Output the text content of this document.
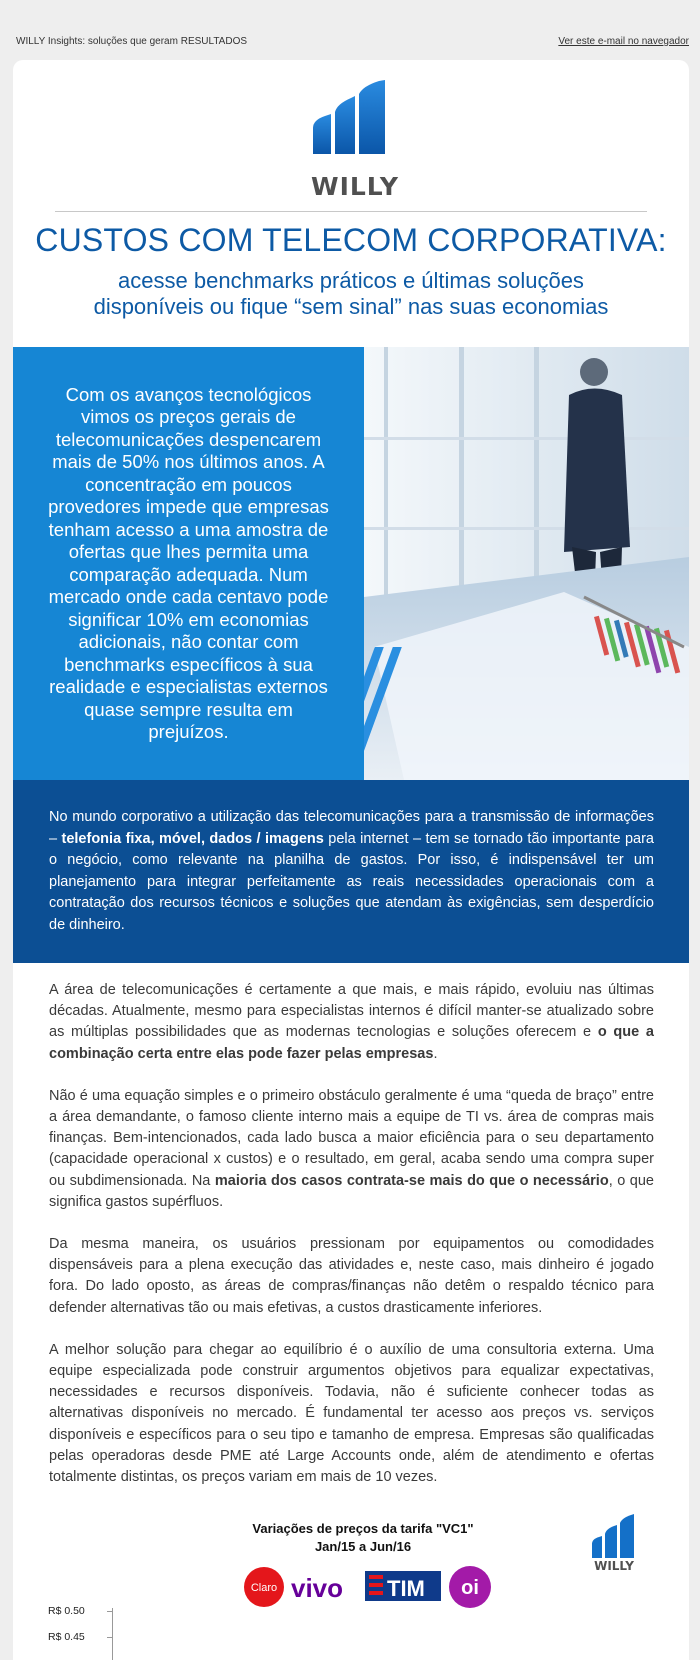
WILLY Insights: soluções que geram RESULTADOS	Ver este e-mail no navegador
WILLY
CUSTOS COM TELECOM CORPORATIVA:
acesse benchmarks práticos e últimas soluções
disponíveis ou fique “sem sinal” nas suas economias

Com os avanços tecnológicos vimos os preços gerais de telecomunicações despencarem mais de 50% nos últimos anos. A concentração em poucos provedores impede que empresas tenham acesso a uma amostra de ofertas que lhes permita uma comparação adequada. Num mercado onde cada centavo pode significar 10% em economias adicionais, não contar com benchmarks específicos à sua realidade e especialistas externos quase sempre resulta em prejuízos.

No mundo corporativo a utilização das telecomunicações para a transmissão de informações – telefonia fixa, móvel, dados / imagens pela internet – tem se tornado tão importante para o negócio, como relevante na planilha de gastos. Por isso, é indispensável ter um planejamento para integrar perfeitamente as reais necessidades operacionais com a contratação dos recursos técnicos e soluções que atendam às exigências, sem desperdício de dinheiro.

A área de telecomunicações é certamente a que mais, e mais rápido, evoluiu nas últimas décadas. Atualmente, mesmo para especialistas internos é difícil manter-se atualizado sobre as múltiplas possibilidades que as modernas tecnologias e soluções oferecem e o que a combinação certa entre elas pode fazer pelas empresas.

Não é uma equação simples e o primeiro obstáculo geralmente é uma “queda de braço” entre a área demandante, o famoso cliente interno mais a equipe de TI vs. área de compras mais finanças. Bem-intencionados, cada lado busca a maior eficiência para o seu departamento (capacidade operacional x custos) e o resultado, em geral, acaba sendo uma compra super ou subdimensionada. Na maioria dos casos contrata-se mais do que o necessário, o que significa gastos supérfluos.

Da mesma maneira, os usuários pressionam por equipamentos ou comodidades dispensáveis para a plena execução das atividades e, neste caso, mais dinheiro é jogado fora. Do lado oposto, as áreas de compras/finanças não detêm o respaldo técnico para defender alternativas tão ou mais efetivas, a custos drasticamente inferiores.

A melhor solução para chegar ao equilíbrio é o auxílio de uma consultoria externa. Uma equipe especializada pode construir argumentos objetivos para equalizar expectativas, necessidades e recursos disponíveis. Todavia, não é suficiente conhecer todas as alternativas disponíveis no mercado. É fundamental ter acesso aos preços vs. serviços disponíveis e específicos para o seu tipo e tamanho de empresa. Empresas são qualificadas pelas operadoras desde PME até Large Accounts onde, além de atendimento e ofertas totalmente distintas, os preços variam em mais de 10 vezes.

Variações de preços da tarifa "VC1"
Jan/15 a Jun/16
WILLY
Claro vivo TIM oi
R$ 0.50
R$ 0.45
